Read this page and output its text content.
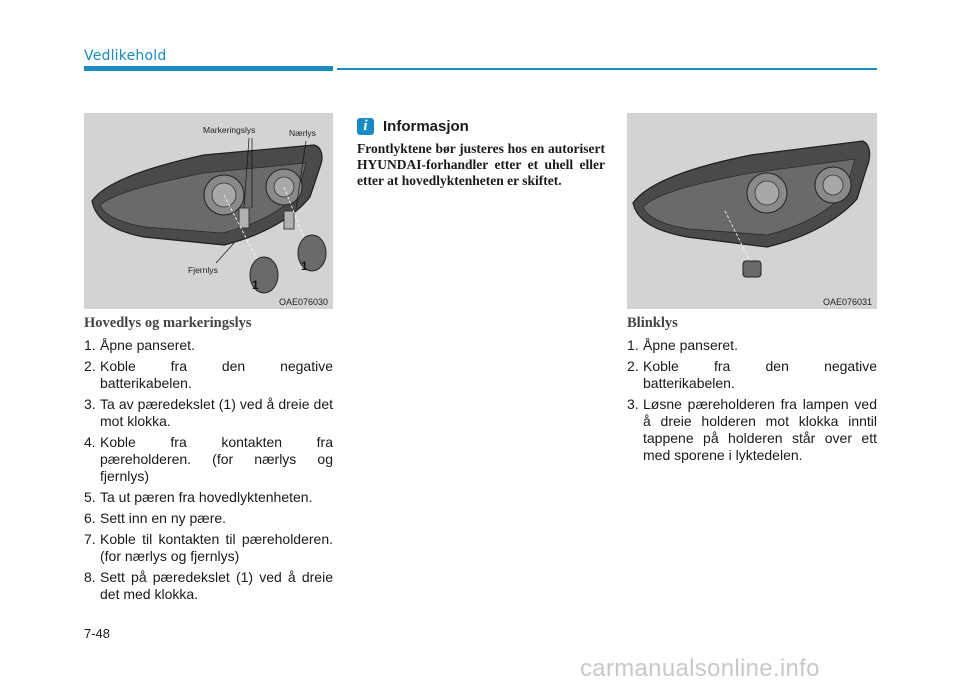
Vedlikehold
Markeringslys	Nærlys
Fjernlys
1
1
OAE076030	OAE076031
Hovedlys og markeringslys
1. Åpne panseret.
2. Koble fra den negative batterikabelen.
3. Ta av pæredekslet (1) ved å dreie det mot klokka.
4. Koble fra kontakten fra pæreholderen. (for nærlys og fjernlys)
5. Ta ut pæren fra hovedlyktenheten.
6. Sett inn en ny pære.
7. Koble til kontakten til pæreholderen. (for nærlys og fjernlys)
8. Sett på pæredekslet (1) ved å dreie det med klokka.
i	Informasjon
Frontlyktene bør justeres hos en autorisert HYUNDAI-forhandler etter et uhell eller etter at hovedlyktenheten er skiftet.
Blinklys
1. Åpne panseret.
2. Koble fra den negative batterikabelen.
3. Løsne pæreholderen fra lampen ved å dreie holderen mot klokka inntil tappene på holderen står over ett med sporene i lyktedelen.
7-48
carmanualsonline.info
